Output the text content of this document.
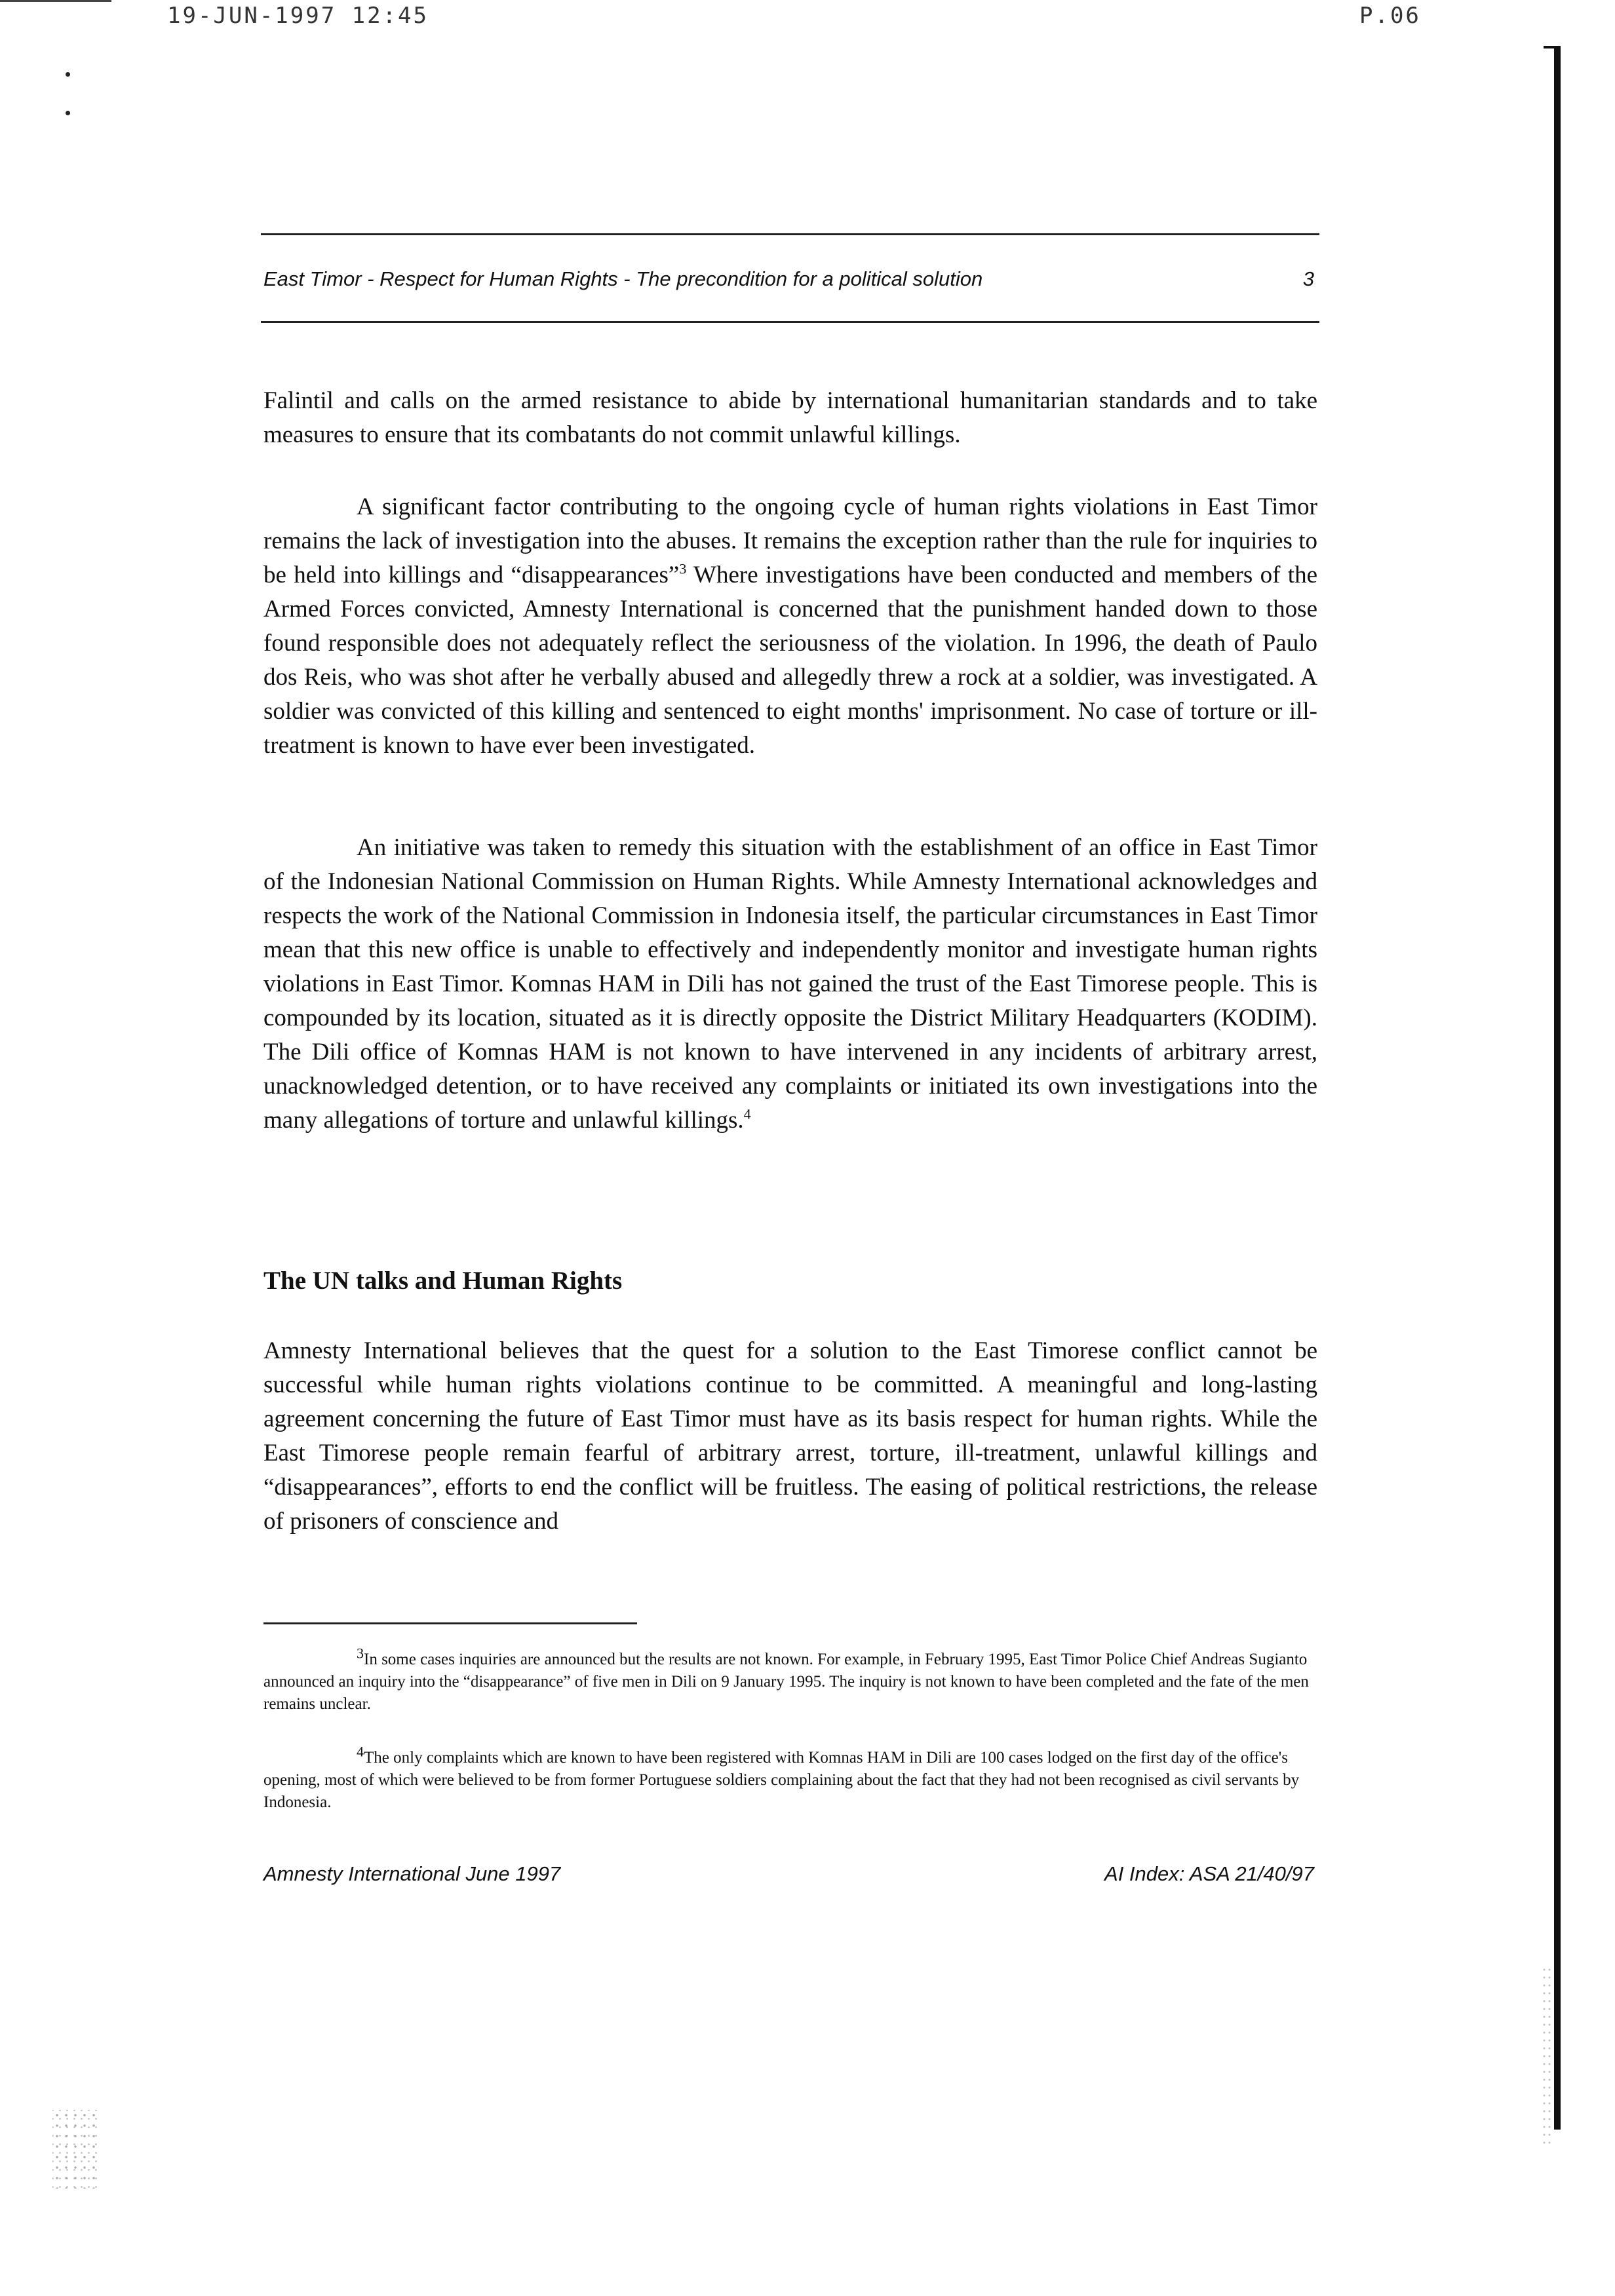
19-JUN-1997 12:45	P.06
East Timor - Respect for Human Rights - The precondition for a political solution	3

Falintil and calls on the armed resistance to abide by international humanitarian standards and to take measures to ensure that its combatants do not commit unlawful killings.

A significant factor contributing to the ongoing cycle of human rights violations in East Timor remains the lack of investigation into the abuses. It remains the exception rather than the rule for inquiries to be held into killings and “disappearances”$^3$ Where investigations have been conducted and members of the Armed Forces convicted, Amnesty International is concerned that the punishment handed down to those found responsible does not adequately reflect the seriousness of the violation. In 1996, the death of Paulo dos Reis, who was shot after he verbally abused and allegedly threw a rock at a soldier, was investigated. A soldier was convicted of this killing and sentenced to eight months' imprisonment. No case of torture or ill-treatment is known to have ever been investigated.

An initiative was taken to remedy this situation with the establishment of an office in East Timor of the Indonesian National Commission on Human Rights. While Amnesty International acknowledges and respects the work of the National Commission in Indonesia itself, the particular circumstances in East Timor mean that this new office is unable to effectively and independently monitor and investigate human rights violations in East Timor. Komnas HAM in Dili has not gained the trust of the East Timorese people. This is compounded by its location, situated as it is directly opposite the District Military Headquarters (KODIM). The Dili office of Komnas HAM is not known to have intervened in any incidents of arbitrary arrest, unacknowledged detention, or to have received any complaints or initiated its own investigations into the many allegations of torture and unlawful killings.$^4$

The UN talks and Human Rights

Amnesty International believes that the quest for a solution to the East Timorese conflict cannot be successful while human rights violations continue to be committed. A meaningful and long-lasting agreement concerning the future of East Timor must have as its basis respect for human rights. While the East Timorese people remain fearful of arbitrary arrest, torture, ill-treatment, unlawful killings and “disappearances”, efforts to end the conflict will be fruitless. The easing of political restrictions, the release of prisoners of conscience and

$^3$In some cases inquiries are announced but the results are not known. For example, in February 1995, East Timor Police Chief Andreas Sugianto announced an inquiry into the “disappearance” of five men in Dili on 9 January 1995. The inquiry is not known to have been completed and the fate of the men remains unclear.

$^4$The only complaints which are known to have been registered with Komnas HAM in Dili are 100 cases lodged on the first day of the office's opening, most of which were believed to be from former Portuguese soldiers complaining about the fact that they had not been recognised as civil servants by Indonesia.

Amnesty International June 1997	AI Index: ASA 21/40/97
